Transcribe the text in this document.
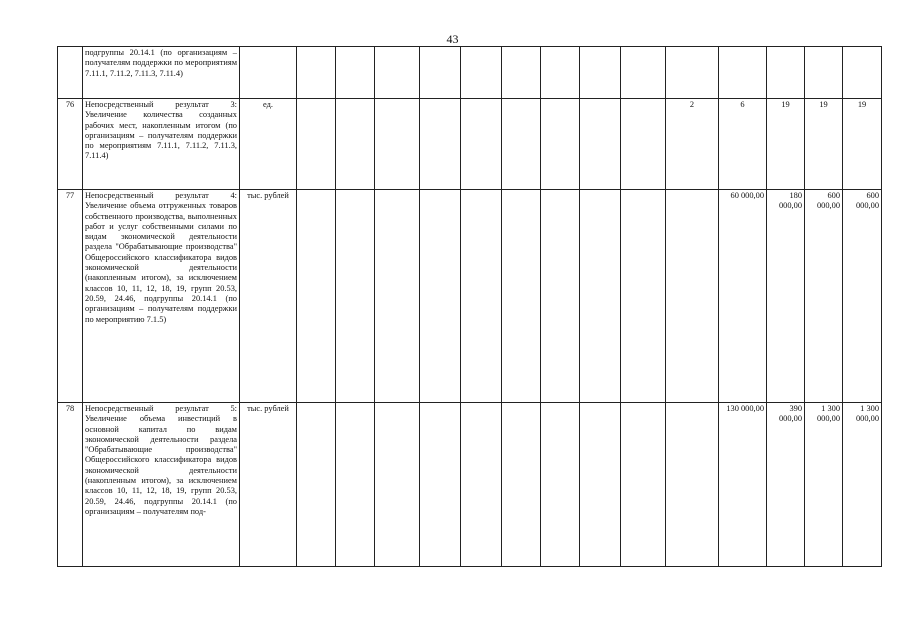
43
	подгруппы 20.14.1 (по организациям – получателям поддержки по мероприятиям 7.11.1, 7.11.2, 7.11.3, 7.11.4)															
76	Непосредственный результат 3: Увеличение количества созданных рабочих мест, накопленным итогом (по организациям – получателям поддержки по мероприятиям 7.11.1, 7.11.2, 7.11.3, 7.11.4)	ед.										2	6	19	19	19
77	Непосредственный результат 4: Увеличение объема отгруженных товаров собственного производства, выполненных работ и услуг собственными силами по видам экономической деятельности раздела "Обрабатывающие производства" Общероссийского классификатора видов экономической деятельности (накопленным итогом), за исключением классов 10, 11, 12, 18, 19, групп 20.53, 20.59, 24.46, подгруппы 20.14.1 (по организациям – получателям поддержки по мероприятию 7.1.5)	тыс. рублей											60 000,00	180 000,00	600 000,00	600 000,00
78	Непосредственный результат 5: Увеличение объема инвестиций в основной капитал по видам экономической деятельности раздела "Обрабатывающие производства" Общероссийского классификатора видов экономической деятельности (накопленным итогом), за исключением классов 10, 11, 12, 18, 19, групп 20.53, 20.59, 24.46, подгруппы 20.14.1 (по организациям – получателям под-	тыс. рублей											130 000,00	390 000,00	1 300 000,00	1 300 000,00
